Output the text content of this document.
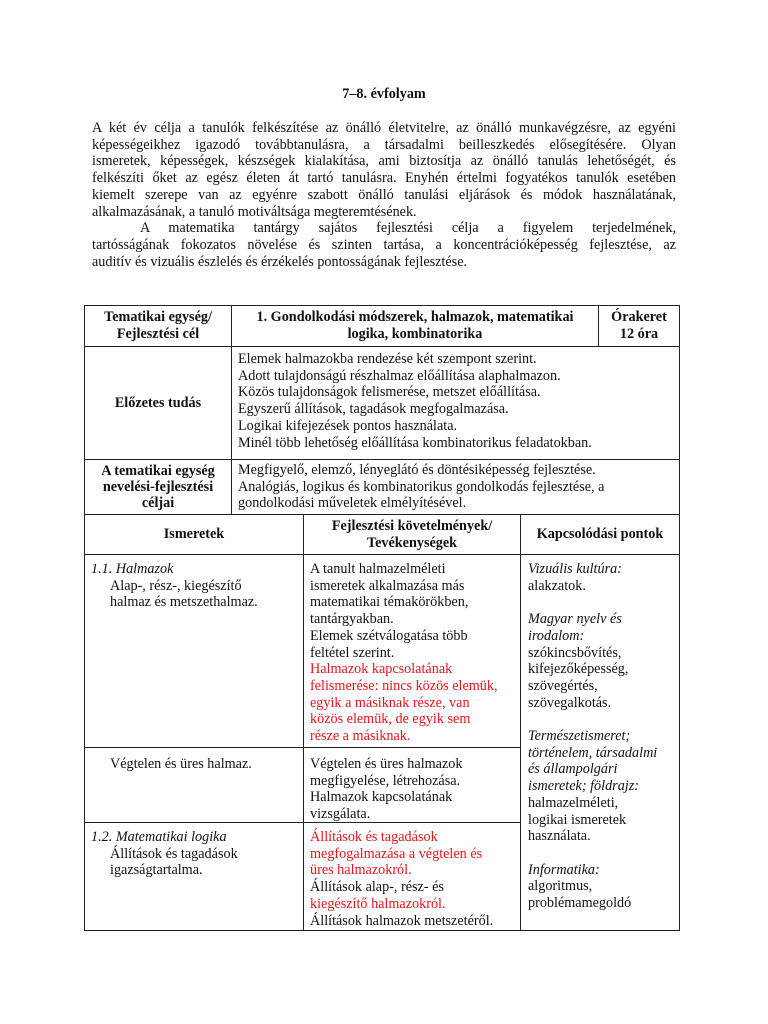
7–8. évfolyam
A két év célja a tanulók felkészítése az önálló életvitelre, az önálló munkavégzésre, az egyéni
képességeikhez igazodó továbbtanulásra, a társadalmi beilleszkedés elősegítésére. Olyan
ismeretek, képességek, készségek kialakítása, ami biztosítja az önálló tanulás lehetőségét, és
felkészíti őket az egész életen át tartó tanulásra. Enyhén értelmi fogyatékos tanulók esetében
kiemelt szerepe van az egyénre szabott önálló tanulási eljárások és módok használatának,
alkalmazásának, a tanuló motiváltsága megteremtésének.
A matematika tantárgy sajátos fejlesztési célja a figyelem terjedelmének,
tartósságának fokozatos növelése és szinten tartása, a koncentrációképesség fejlesztése, az
auditív és vizuális észlelés és érzékelés pontosságának fejlesztése.
Tematikai egység/
Fejlesztési cél
1. Gondolkodási módszerek, halmazok, matematikai
logika, kombinatorika
Órakeret
12 óra
Előzetes tudás
Elemek halmazokba rendezése két szempont szerint.
Adott tulajdonságú részhalmaz előállítása alaphalmazon.
Közös tulajdonságok felismerése, metszet előállítása.
Egyszerű állítások, tagadások megfogalmazása.
Logikai kifejezések pontos használata.
Minél több lehetőség előállítása kombinatorikus feladatokban.
A tematikai egység
nevelési-fejlesztési
céljai
Megfigyelő, elemző, lényeglátó és döntésiképesség fejlesztése.
Analógiás, logikus és kombinatorikus gondolkodás fejlesztése, a
gondolkodási műveletek elmélyítésével.
Ismeretek
Fejlesztési követelmények/
Tevékenységek
Kapcsolódási pontok
1.1. Halmazok
Alap-, rész-, kiegészítő
halmaz és metszethalmaz.
A tanult halmazelméleti
ismeretek alkalmazása más
matematikai témakörökben,
tantárgyakban.
Elemek szétválogatása több
feltétel szerint.
Halmazok kapcsolatának
felismerése: nincs közös elemük,
egyik a másiknak része, van
közös elemük, de egyik sem
része a másiknak.
Végtelen és üres halmaz.	Végtelen és üres halmazok
megfigyelése, létrehozása.
Halmazok kapcsolatának
vizsgálata.
1.2. Matematikai logika
Állítások és tagadások
igazságtartalma.
Állítások és tagadások
megfogalmazása a végtelen és
üres halmazokról.
Állítások alap-, rész- és
kiegészítő halmazokról.
Állítások halmazok metszetéről.
Vizuális kultúra:
alakzatok.

Magyar nyelv és
irodalom:
szókincsbővítés,
kifejezőképesség,
szövegértés,
szövegalkotás.

Természetismeret;
történelem, társadalmi
és állampolgári
ismeretek; földrajz:
halmazelméleti,
logikai ismeretek
használata.

Informatika:
algoritmus,
problémamegoldó
